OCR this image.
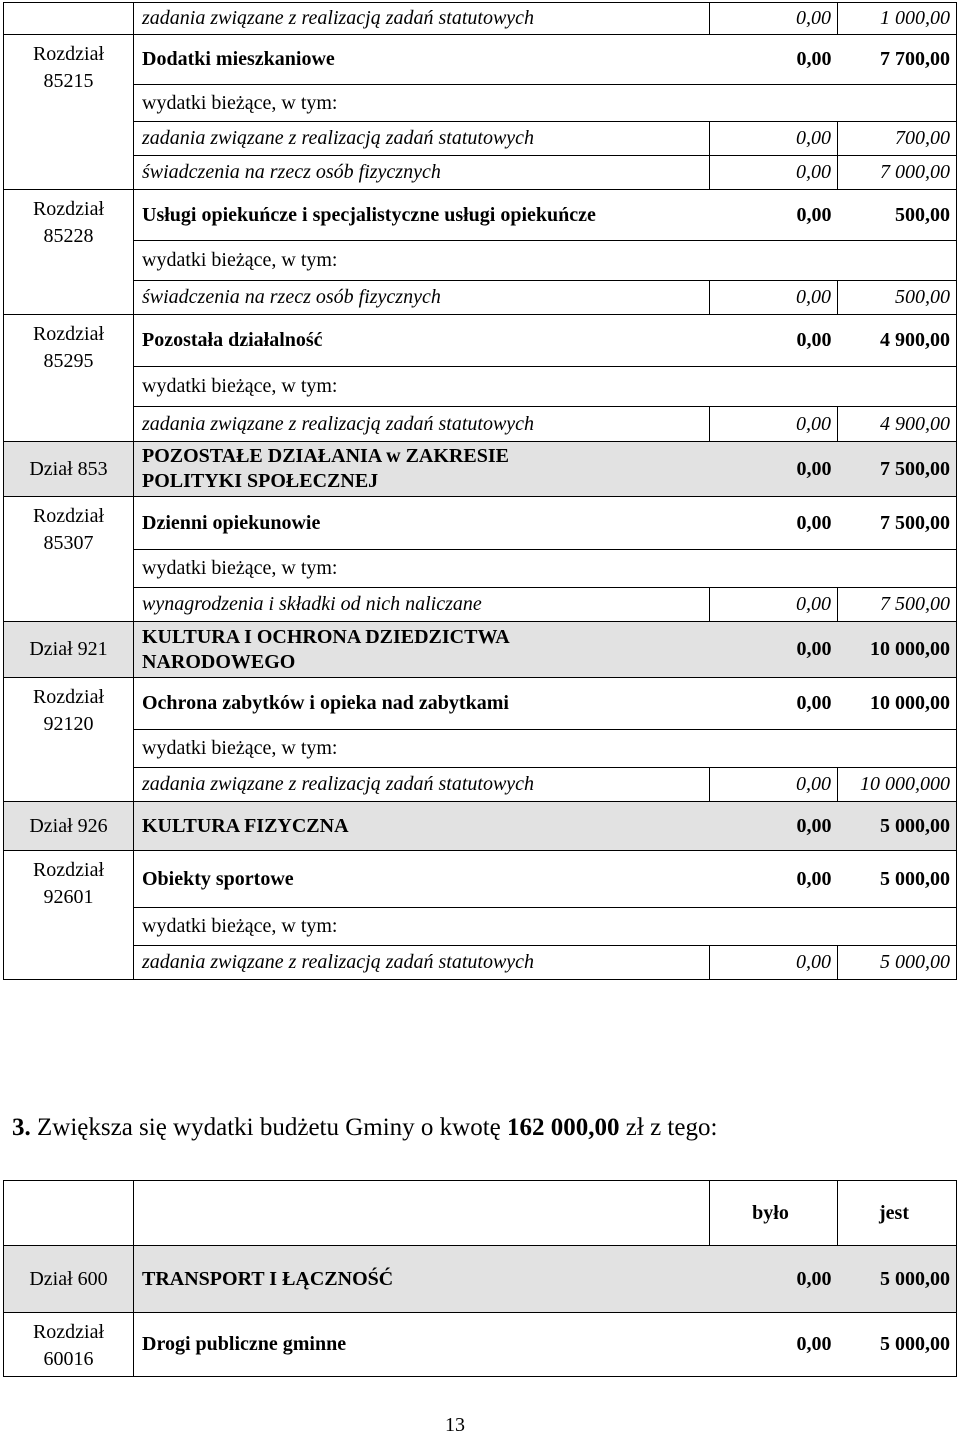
	zadania związane z realizacją zadań statutowych	0,00	1 000,00

Rozdział
85215	Dodatki mieszkaniowe	0,00	7 700,00
	wydatki bieżące, w tym:		
	zadania związane z realizacją zadań statutowych	0,00	700,00
	świadczenia na rzecz osób fizycznych	0,00	7 000,00

Rozdział
85228	Usługi opiekuńcze i specjalistyczne usługi opiekuńcze	0,00	500,00
	wydatki bieżące, w tym:		
	świadczenia na rzecz osób fizycznych	0,00	500,00

Rozdział
85295	Pozostała działalność	0,00	4 900,00
	wydatki bieżące, w tym:		
	zadania związane z realizacją zadań statutowych	0,00	4 900,00

Dział 853	POZOSTAŁE DZIAŁANIA w ZAKRESIE
POLITYKI SPOŁECZNEJ	0,00	7 500,00

Rozdział
85307	Dzienni opiekunowie	0,00	7 500,00
	wydatki bieżące, w tym:		
	wynagrodzenia i składki od nich naliczane	0,00	7 500,00

Dział 921	KULTURA I OCHRONA DZIEDZICTWA
NARODOWEGO	0,00	10 000,00

Rozdział
92120	Ochrona zabytków i opieka nad zabytkami	0,00	10 000,00
	wydatki bieżące, w tym:		
	zadania związane z realizacją zadań statutowych	0,00	10 000,000

Dział 926	KULTURA FIZYCZNA	0,00	5 000,00

Rozdział
92601	Obiekty sportowe	0,00	5 000,00
	wydatki bieżące, w tym:		
	zadania związane z realizacją zadań statutowych	0,00	5 000,00
3. Zwiększa się wydatki budżetu Gminy o kwotę 162 000,00 zł z tego:
		było	jest

Dział 600	TRANSPORT I ŁĄCZNOŚĆ	0,00	5 000,00

Rozdział
60016	Drogi publiczne gminne	0,00	5 000,00
13
